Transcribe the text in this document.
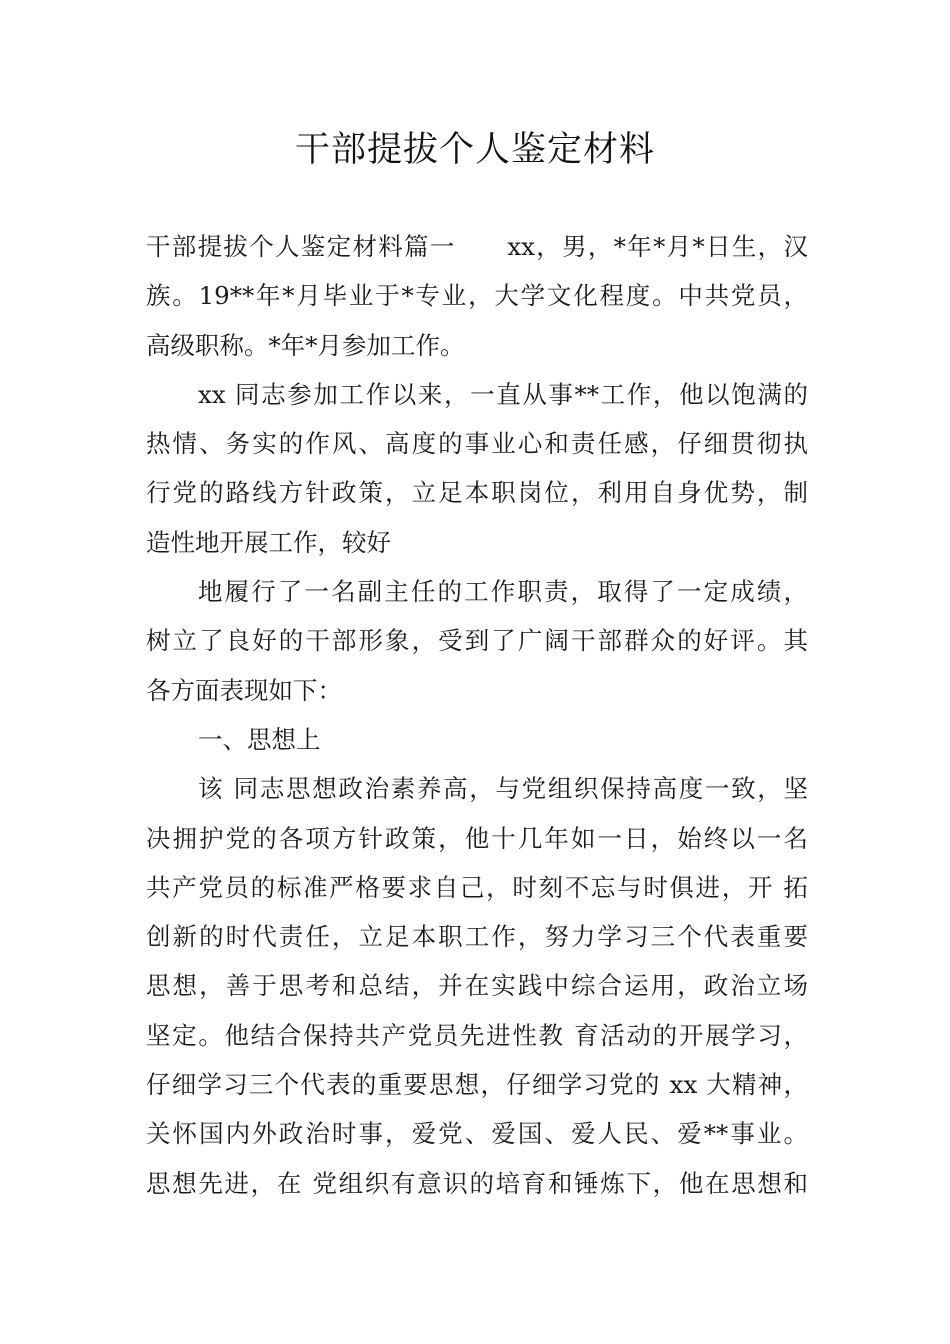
干部提拔个人鉴定材料
干部提拔个人鉴定材料篇一　　xx，男，*年*月*日生，汉
族。19**年*月毕业于*专业，大学文化程度。中共党员，
高级职称。*年*月参加工作。
xx 同志参加工作以来，一直从事**工作，他以饱满的
热情、务实的作风、高度的事业心和责任感，仔细贯彻执
行党的路线方针政策，立足本职岗位，利用自身优势，制
造性地开展工作，较好
地履行了一名副主任的工作职责，取得了一定成绩，
树立了良好的干部形象，受到了广阔干部群众的好评。其
各方面表现如下：
一、思想上
该 同志思想政治素养高，与党组织保持高度一致，坚
决拥护党的各项方针政策，他十几年如一日，始终以一名
共产党员的标准严格要求自己，时刻不忘与时俱进，开 拓
创新的时代责任，立足本职工作，努力学习三个代表重要
思想，善于思考和总结，并在实践中综合运用，政治立场
坚定。他结合保持共产党员先进性教 育活动的开展学习，
仔细学习三个代表的重要思想，仔细学习党的 xx 大精神，
关怀国内外政治时事，爱党、爱国、爱人民、爱**事业。
思想先进，在 党组织有意识的培育和锤炼下，他在思想和
